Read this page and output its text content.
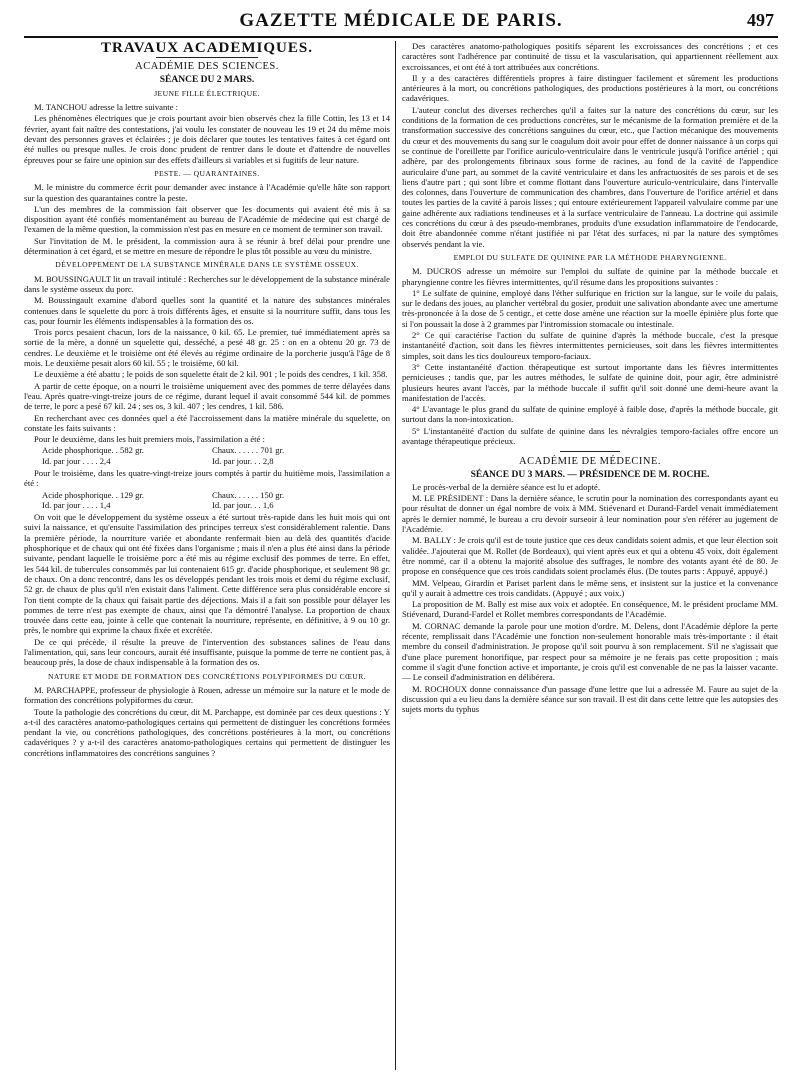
GAZETTE MÉDICALE DE PARIS.	497
TRAVAUX ACADÉMIQUES.
ACADÉMIE DES SCIENCES.
SÉANCE DU 2 MARS.
JEUNE FILLE ÉLECTRIQUE.

M. TANCHOU adresse la lettre suivante :

Les phénomènes électriques que je crois pourtant avoir bien observés chez la fille Cottin, les 13 et 14 février, ayant fait naître des contestations, j'ai voulu les constater de nouveau les 19 et 24 du même mois devant des personnes graves et éclairées ; je dois déclarer que toutes les tentatives faites à cet égard ont été nulles ou presque nulles. Je crois donc prudent de rentrer dans le doute et d'attendre de nouvelles épreuves pour se faire une opinion sur des effets d'ailleurs si variables et si fugitifs de leur nature.

PESTE. — QUARANTAINES.

M. le ministre du commerce écrit pour demander avec instance à l'Académie qu'elle hâte son rapport sur la question des quarantaines contre la peste.

L'un des membres de la commission fait observer que les documents qui avaient été mis à sa disposition ayant été confiés momentanément au bureau de l'Académie de médecine qui est chargé de l'examen de la même question, la commission n'est pas en mesure en ce moment de terminer son travail.

Sur l'invitation de M. le président, la commission aura à se réunir à bref délai pour prendre une détermination à cet égard, et se mettre en mesure de répondre le plus tôt possible au vœu du ministre.

DÉVELOPPEMENT DE LA SUBSTANCE MINÉRALE DANS LE SYSTÈME OSSEUX.

M. BOUSSINGAULT lit un travail intitulé : Recherches sur le développement de la substance minérale dans le système osseux du porc.

M. Boussingault examine d'abord quelles sont la quantité et la nature des substances minérales contenues dans le squelette du porc à trois différents âges, et ensuite si la nourriture suffit, dans tous les cas, pour fournir les éléments indispensables à la formation des os.

Trois porcs pesaient chacun, lors de la naissance, 0 kil. 65. Le premier, tué immédiatement après sa sortie de la mère, a donné un squelette qui, desséché, a pesé 48 gr. 25 : on en a obtenu 20 gr. 73 de cendres. Le deuxième et le troisième ont été élevés au régime ordinaire de la porcherie jusqu'à l'âge de 8 mois. Le deuxième pesait alors 60 kil. 55 ; le troisième, 60 kil.

Le deuxième a été abattu ; le poids de son squelette était de 2 kil. 901 ; le poids des cendres, 1 kil. 358.

A partir de cette époque, on a nourri le troisième uniquement avec des pommes de terre délayées dans l'eau. Après quatre-vingt-treize jours de ce régime, durant lequel il avait consommé 544 kil. de pommes de terre, le porc a pesé 67 kil. 24 ; ses os, 3 kil. 407 ; les cendres, 1 kil. 586.

En recherchant avec ces données quel a été l'accroissement dans la matière minérale du squelette, on constate les faits suivants :

Pour le deuxième, dans les huit premiers mois, l'assimilation a été :

Acide phosphorique. . 582 gr.	Chaux. . . . . . 701 gr.
Id. par jour . . . . 2,4	Id. par jour. . . 2,8

Pour le troisième, dans les quatre-vingt-treize jours comptés à partir du huitième mois, l'assimilation a été :

Acide phosphorique. . 129 gr.	Chaux. . . . . . 150 gr.
Id. par jour . . . . 1,4	Id. par jour. . . 1,6

On voit que le développement du système osseux a été surtout très-rapide dans les huit mois qui ont suivi la naissance, et qu'ensuite l'assimilation des principes terreux s'est considérablement ralentie. Dans la première période, la nourriture variée et abondante renfermait bien au delà des quantités d'acide phosphorique et de chaux qui ont été fixées dans l'organisme ; mais il n'en a plus été ainsi dans la période suivante, pendant laquelle le troisième porc a été mis au régime exclusif des pommes de terre. En effet, les 544 kil. de tubercules consommés par lui contenaient 615 gr. d'acide phosphorique, et seulement 98 gr. de chaux. On a donc rencontré, dans les os développés pendant les trois mois et demi du régime exclusif, 52 gr. de chaux de plus qu'il n'en existait dans l'aliment. Cette différence sera plus considérable encore si l'on tient compte de la chaux qui faisait partie des déjections. Mais il a fait son possible pour délayer les pommes de terre n'est pas exempte de chaux, ainsi que l'a démontré l'analyse. La proportion de chaux trouvée dans cette eau, jointe à celle que contenait la nourriture, représente, en définitive, à 9 ou 10 gr. près, le nombre qui exprime la chaux fixée et excrétée.

De ce qui précède, il résulte la preuve de l'intervention des substances salines de l'eau dans l'alimentation, qui, sans leur concours, aurait été insuffisante, puisque la pomme de terre ne contient pas, à beaucoup près, la dose de chaux indispensable à la formation des os.

NATURE ET MODE DE FORMATION DES CONCRÉTIONS POLYPIFORMES DU CŒUR.

M. PARCHAPPE, professeur de physiologie à Rouen, adresse un mémoire sur la nature et le mode de formation des concrétions polypiformes du cœur.

Toute la pathologie des concrétions du cœur, dit M. Parchappe, est dominée par ces deux questions : Y a-t-il des caractères anatomo-pathologiques certains qui permettent de distinguer les concrétions formées pendant la vie, ou concrétions pathologiques, des concrétions postérieures à la mort, ou concrétions cadavériques ? y a-t-il des caractères anatomo-pathologiques certains qui permettent de distinguer les concrétions inflammatoires des concrétions sanguines ?

Des caractères anatomo-pathologiques positifs séparent les excroissances des concrétions ; et ces caractères sont l'adhérence par continuité de tissu et la vascularisation, qui appartiennent réellement aux excroissances, et ont été à tort attribuées aux concrétions.

Il y a des caractères différentiels propres à faire distinguer facilement et sûrement les productions antérieures à la mort, ou concrétions pathologiques, des productions postérieures à la mort, ou concrétions cadavériques.

L'auteur conclut des diverses recherches qu'il a faites sur la nature des concrétions du cœur, sur les conditions de la formation de ces productions concrètes, sur le mécanisme de la formation première et de la transformation successive des concrétions sanguines du cœur, etc., que l'action mécanique des mouvements du cœur et des mouvements du sang sur le coagulum doit avoir pour effet de donner naissance à un corps qui se continue de l'oreillette par l'orifice auriculo-ventriculaire dans le ventricule jusqu'à l'orifice artériel ; qui adhère, par des prolongements fibrinaux sous forme de racines, au fond de la cavité de l'appendice auriculaire d'une part, au sommet de la cavité ventriculaire et dans les anfractuosités de ses parois et de ses liens d'autre part ; qui sont libre et comme flottant dans l'ouverture auriculo-ventriculaire, dans l'intervalle des colonnes, dans l'ouverture de communication des chambres, dans l'ouverture de l'orifice artériel et dans toutes les parties de la cavité à parois lisses ; qui entoure extérieurement l'appareil valvulaire comme par une gaine adhérente aux radiations tendineuses et à la surface ventriculaire de l'anneau. La doctrine qui assimile ces concrétions du cœur à des pseudo-membranes, produits d'une exsudation inflammatoire de l'endocarde, doit être abandonnée comme n'étant justifiée ni par l'état des surfaces, ni par la nature des symptômes observés pendant la vie.

EMPLOI DU SULFATE DE QUININE PAR LA MÉTHODE PHARYNGIENNE.

M. DUCROS adresse un mémoire sur l'emploi du sulfate de quinine par la méthode buccale et pharyngienne contre les fièvres intermittentes, qu'il résume dans les propositions suivantes :

1° Le sulfate de quinine, employé dans l'éther sulfurique en friction sur la langue, sur le voile du palais, sur le dedans des joues, au plancher vertébral du gosier, produit une salivation abondante avec une amertume très-prononcée à la dose de 5 centigr., et cette dose amène une réaction sur la moelle épinière plus forte que si l'on poussait la dose à 2 grammes par l'intromission stomacale ou intestinale.

2° Ce qui caractérise l'action du sulfate de quinine d'après la méthode buccale, c'est la presque instantanéité d'action, soit dans les fièvres intermittentes pernicieuses, soit dans les fièvres intermittentes simples, soit dans les tics douloureux temporo-faciaux.

3° Cette instantanéité d'action thérapeutique est surtout importante dans les fièvres intermittentes pernicieuses ; tandis que, par les autres méthodes, le sulfate de quinine doit, pour agir, être administré plusieurs heures avant l'accès, par la méthode buccale il suffit qu'il soit donné une demi-heure avant la manifestation de l'accès.

4° L'avantage le plus grand du sulfate de quinine employé à faible dose, d'après la méthode buccale, git surtout dans la non-intoxication.

5° L'instantanéité d'action du sulfate de quinine dans les névralgies temporo-faciales offre encore un avantage thérapeutique précieux.

ACADÉMIE DE MÉDECINE.
SÉANCE DU 3 MARS. — PRÉSIDENCE DE M. ROCHE.

Le procès-verbal de la dernière séance est lu et adopté.

M. LE PRÉSIDENT : Dans la dernière séance, le scrutin pour la nomination des correspondants ayant eu pour résultat de donner un égal nombre de voix à MM. Stiévenard et Durand-Fardel venait immédiatement après le dernier nommé, le bureau a cru devoir surseoir à leur nomination pour s'en référer au jugement de l'Académie.

M. BALLY : Je crois qu'il est de toute justice que ces deux candidats soient admis, et que leur élection soit validée. J'ajouterai que M. Rollet (de Bordeaux), qui vient après eux et qui a obtenu 45 voix, doit également être nommé, car il a obtenu la majorité absolue des suffrages, le nombre des votants ayant été de 80. Je propose en conséquence que ces trois candidats soient proclamés élus. (De toutes parts : Appuyé, appuyé.)

MM. Velpeau, Girardin et Pariset parlent dans le même sens, et insistent sur la justice et la convenance qu'il y aurait à admettre ces trois candidats. (Appuyé ; aux voix.)

La proposition de M. Bally est mise aux voix et adoptée. En conséquence, M. le président proclame MM. Stiévenard, Durand-Fardel et Rollet membres correspondants de l'Académie.

M. CORNAC demande la parole pour une motion d'ordre. M. Delens, dont l'Académie déplore la perte récente, remplissait dans l'Académie une fonction non-seulement honorable mais très-importante : il était membre du conseil d'administration. Je propose qu'il soit pourvu à son remplacement. S'il ne s'agissait que d'une place purement honorifique, par respect pour sa mémoire je ne ferais pas cette proposition ; mais comme il s'agit d'une fonction active et importante, je crois qu'il est convenable de ne pas la laisser vacante. — Le conseil d'administration en délibérera.

M. ROCHOUX donne connaissance d'un passage d'une lettre que lui a adressée M. Faure au sujet de la discussion qui a eu lieu dans la dernière séance sur son travail. Il est dit dans cette lettre que les autopsies des sujets morts du typhus
